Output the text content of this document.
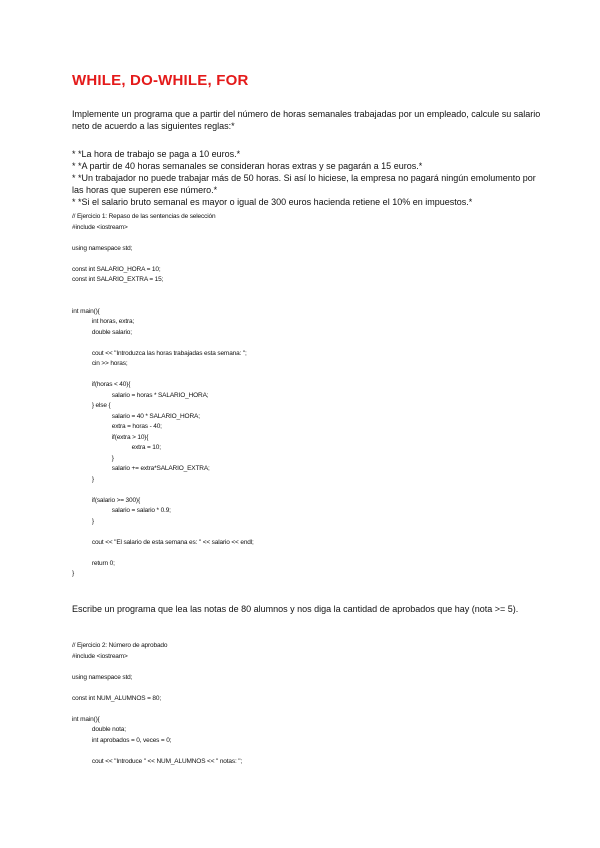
WHILE, DO-WHILE, FOR

Implemente un programa que a partir del número de horas semanales trabajadas por un empleado, calcule su salario neto de acuerdo a las siguientes reglas:*

* *La hora de trabajo se paga a 10 euros.*
* *A partir de 40 horas semanales se consideran horas extras y se pagarán a 15 euros.*
* *Un trabajador no puede trabajar más de 50 horas. Si así lo hiciese, la empresa no pagará ningún emolumento por las horas que superen ese número.*
* *Si el salario bruto semanal es mayor o igual de 300 euros hacienda retiene el 10% en impuestos.*
// Ejercicio 1: Repaso de las sentencias de selección
#include <iostream>
using namespace std;
const int SALARIO_HORA = 10;
const int SALARIO_EXTRA = 15;
int main(){
int horas, extra;
double salario;
cout << "Introduzca las horas trabajadas esta semana: ";
cin >> horas;
if(horas < 40){
salario = horas * SALARIO_HORA;
} else {
salario = 40 * SALARIO_HORA;
extra = horas - 40;
if(extra > 10){
extra = 10;
}
salario += extra*SALARIO_EXTRA;
}
if(salario >= 300){
salario = salario * 0.9;
}
cout << "El salario de esta semana es: " << salario << endl;
return 0;
}

Escribe un programa que lea las notas de 80 alumnos y nos diga la cantidad de aprobados que hay (nota >= 5).

// Ejercicio 2: Número de aprobado
#include <iostream>
using namespace std;
const int NUM_ALUMNOS = 80;
int main(){
double nota;
int aprobados = 0, veces = 0;
cout << "Introduce " << NUM_ALUMNOS << " notas: ";
